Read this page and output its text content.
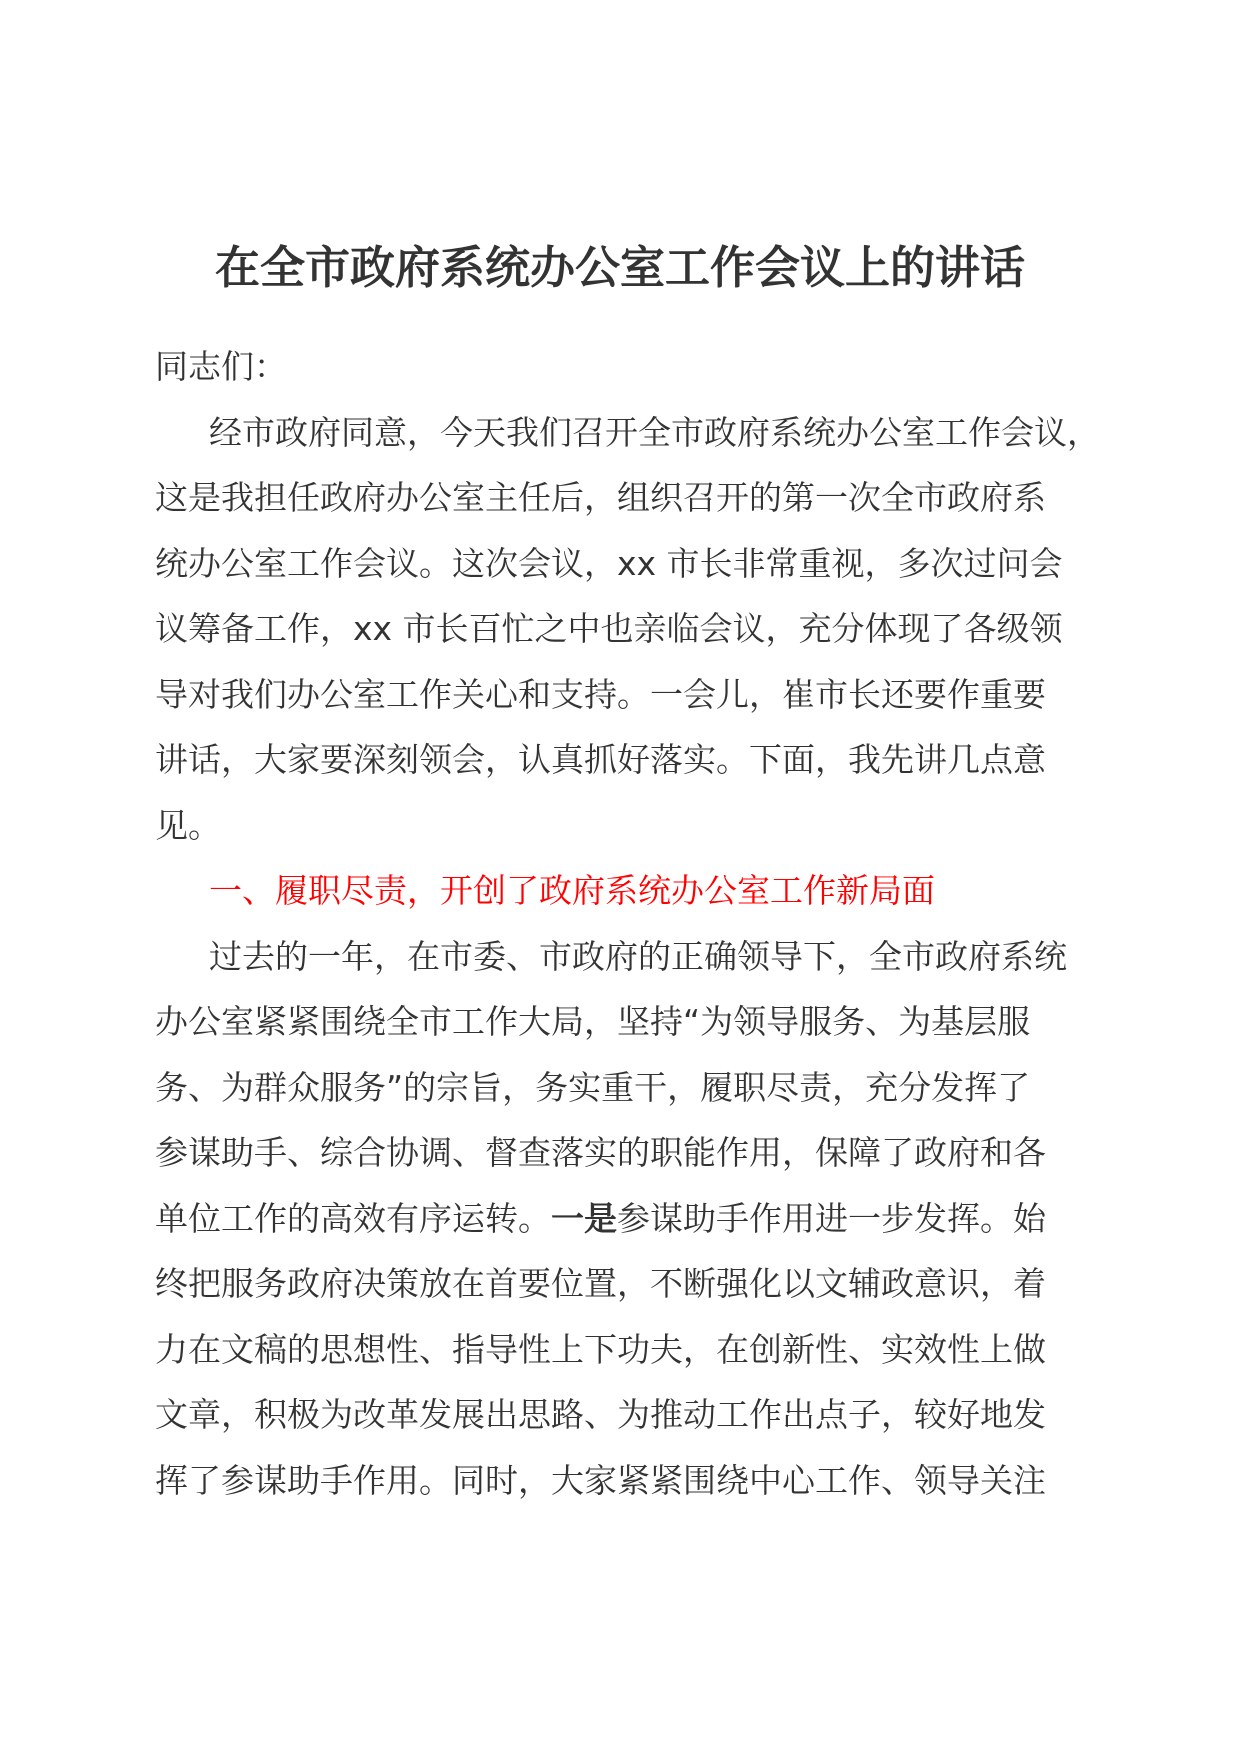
在全市政府系统办公室工作会议上的讲话
同志们：
经市政府同意，今天我们召开全市政府系统办公室工作会议，
这是我担任政府办公室主任后，组织召开的第一次全市政府系
统办公室工作会议。这次会议，xx 市长非常重视，多次过问会
议筹备工作，xx 市长百忙之中也亲临会议，充分体现了各级领
导对我们办公室工作关心和支持。一会儿，崔市长还要作重要
讲话，大家要深刻领会，认真抓好落实。下面，我先讲几点意
见。
一、履职尽责，开创了政府系统办公室工作新局面
过去的一年，在市委、市政府的正确领导下，全市政府系统
办公室紧紧围绕全市工作大局，坚持“为领导服务、为基层服
务、为群众服务”的宗旨，务实重干，履职尽责，充分发挥了
参谋助手、综合协调、督查落实的职能作用，保障了政府和各
单位工作的高效有序运转。一是参谋助手作用进一步发挥。始
终把服务政府决策放在首要位置，不断强化以文辅政意识，着
力在文稿的思想性、指导性上下功夫，在创新性、实效性上做
文章，积极为改革发展出思路、为推动工作出点子，较好地发
挥了参谋助手作用。同时，大家紧紧围绕中心工作、领导关注
